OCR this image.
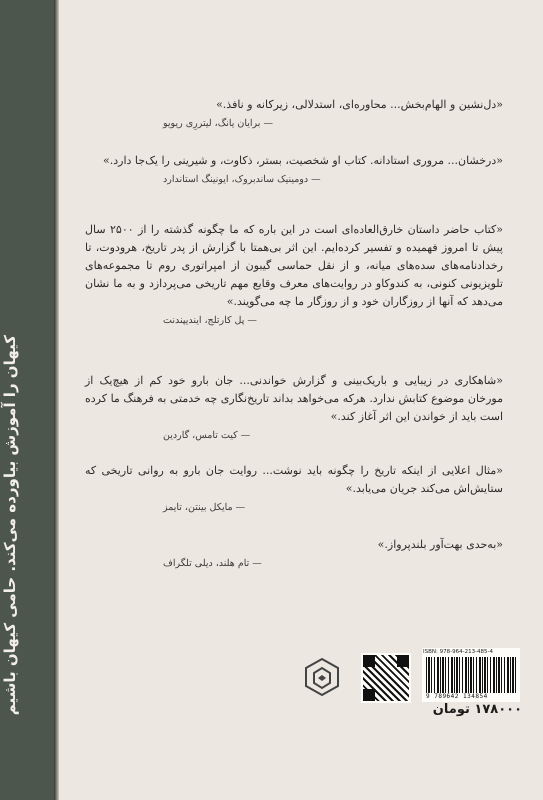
کیهان را آموزش بیاورده می‌کند. حامی کیهان باشیم

«دل‌نشین و الهام‌بخش... محاوره‌ای، استدلالی، زیرکانه و نافذ.»

— برایان یانگ، لیتررِی ریویو

«درخشان... مروری استادانه. کتاب او شخصیت، بستر، ذکاوت، و شیرینی را یک‌جا دارد.»

— دومینیک ساندبروک، ایونینگ استاندارد

«کتاب حاضر داستان خارق‌العاده‌ای است در این باره که ما چگونه گذشته را از ۲۵۰۰ سال پیش تا امروز فهمیده و تفسیر کرده‌ایم. این اثر بی‌همتا با گزارش از پدر تاریخ، هرودوت، تا رخدادنامه‌های سده‌های میانه، و از نقل حماسی گیبون از امپراتوری روم تا مجموعه‌های تلویزیونی کنونی، به کندوکاو در روایت‌های معرف وقایع مهم تاریخی می‌پردازد و به ما نشان می‌دهد که آنها از روزگاران خود و از روزگار ما چه می‌گویند.»

— پل کارتلج، ایندیپندنت

«شاهکاری در زیبایی و باریک‌بینی و گزارش خواندنی... جان بارو خود کم از هیچ‌یک از مورخان موضوع کتابش ندارد. هرکه می‌خواهد بداند تاریخ‌نگاری چه خدمتی به فرهنگ ما کرده است باید از خواندن این اثر آغاز کند.»

— کیت تامس، گاردین

«مثال اعلایی از اینکه تاریخ را چگونه باید نوشت... روایت جان بارو به روانی تاریخی که ستایش‌اش می‌کند جریان می‌یابد.»

— مایکل بینتن، تایمز

«به‌حدی بهت‌آور بلندپرواز.»

— تام هلند، دیلی تلگراف

ISBN: 978-964-213-485-4
9 789642 134854
۱۷۸۰۰۰ تومان
